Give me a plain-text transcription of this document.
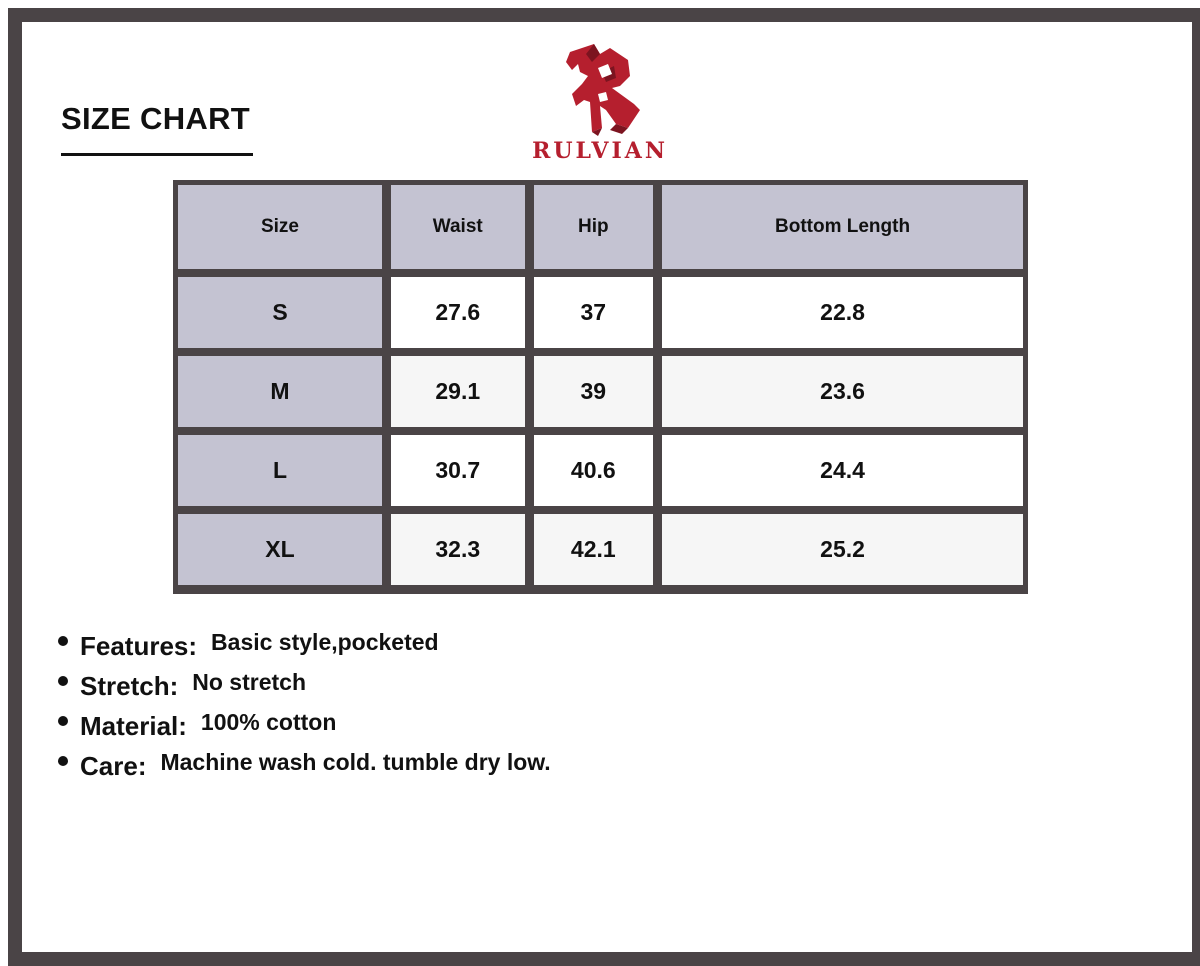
SIZE CHART
RULVIAN
Size	Waist	Hip	Bottom Length
S	27.6	37	22.8
M	29.1	39	23.6
L	30.7	40.6	24.4
XL	32.3	42.1	25.2
Features: Basic style,pocketed
Stretch: No stretch
Material: 100% cotton
Care: Machine wash cold. tumble dry low.
